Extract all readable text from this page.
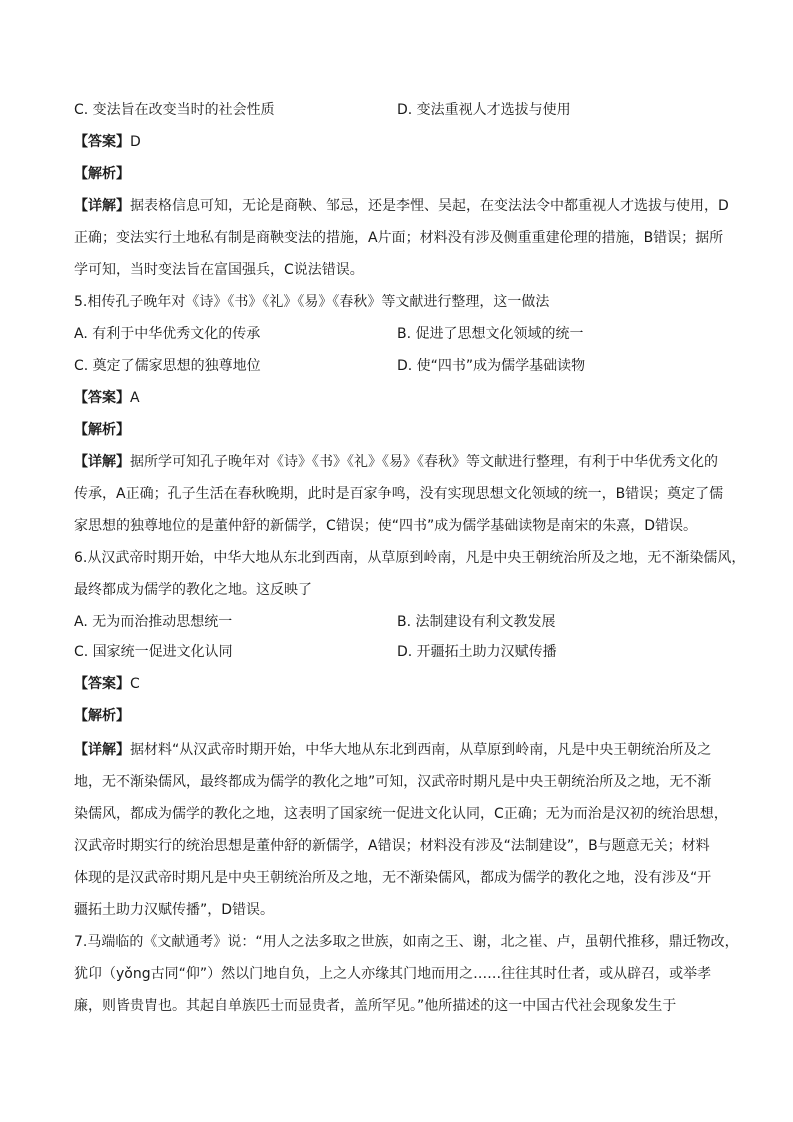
C. 变法旨在改变当时的社会性质	D. 变法重视人才选拔与使用
【答案】D
【解析】
【详解】据表格信息可知，无论是商鞅、邹忌，还是李悝、吴起，在变法法令中都重视人才选拔与使用，D
正确；变法实行土地私有制是商鞅变法的措施，A片面；材料没有涉及侧重重建伦理的措施，B错误；据所
学可知，当时变法旨在富国强兵，C说法错误。
5.相传孔子晚年对《诗》《书》《礼》《易》《春秋》等文献进行整理，这一做法
A. 有利于中华优秀文化的传承	B. 促进了思想文化领域的统一
C. 奠定了儒家思想的独尊地位	D. 使“四书”成为儒学基础读物
【答案】A
【解析】
【详解】据所学可知孔子晚年对《诗》《书》《礼》《易》《春秋》等文献进行整理，有利于中华优秀文化的
传承，A正确；孔子生活在春秋晚期，此时是百家争鸣，没有实现思想文化领域的统一，B错误；奠定了儒
家思想的独尊地位的是董仲舒的新儒学，C错误；使“四书”成为儒学基础读物是南宋的朱熹，D错误。
6.从汉武帝时期开始，中华大地从东北到西南，从草原到岭南，凡是中央王朝统治所及之地，无不渐染儒风，
最终都成为儒学的教化之地。这反映了
A. 无为而治推动思想统一	B. 法制建设有利文教发展
C. 国家统一促进文化认同	D. 开疆拓土助力汉赋传播
【答案】C
【解析】
【详解】据材料“从汉武帝时期开始，中华大地从东北到西南，从草原到岭南，凡是中央王朝统治所及之
地，无不渐染儒风，最终都成为儒学的教化之地”可知，汉武帝时期凡是中央王朝统治所及之地，无不渐
染儒风，都成为儒学的教化之地，这表明了国家统一促进文化认同，C正确；无为而治是汉初的统治思想，
汉武帝时期实行的统治思想是董仲舒的新儒学，A错误；材料没有涉及“法制建设”，B与题意无关；材料
体现的是汉武帝时期凡是中央王朝统治所及之地，无不渐染儒风，都成为儒学的教化之地，没有涉及“开
疆拓土助力汉赋传播”，D错误。
7.马端临的《文献通考》说：“用人之法多取之世族，如南之王、谢，北之崔、卢，虽朝代推移，鼎迁物改，
犹卬（yǒng古同“仰”）然以门地自负，上之人亦缘其门地而用之……往往其时仕者，或从辟召，或举孝
廉，则皆贵胄也。其起自单族匹士而显贵者，盖所罕见。”他所描述的这一中国古代社会现象发生于
